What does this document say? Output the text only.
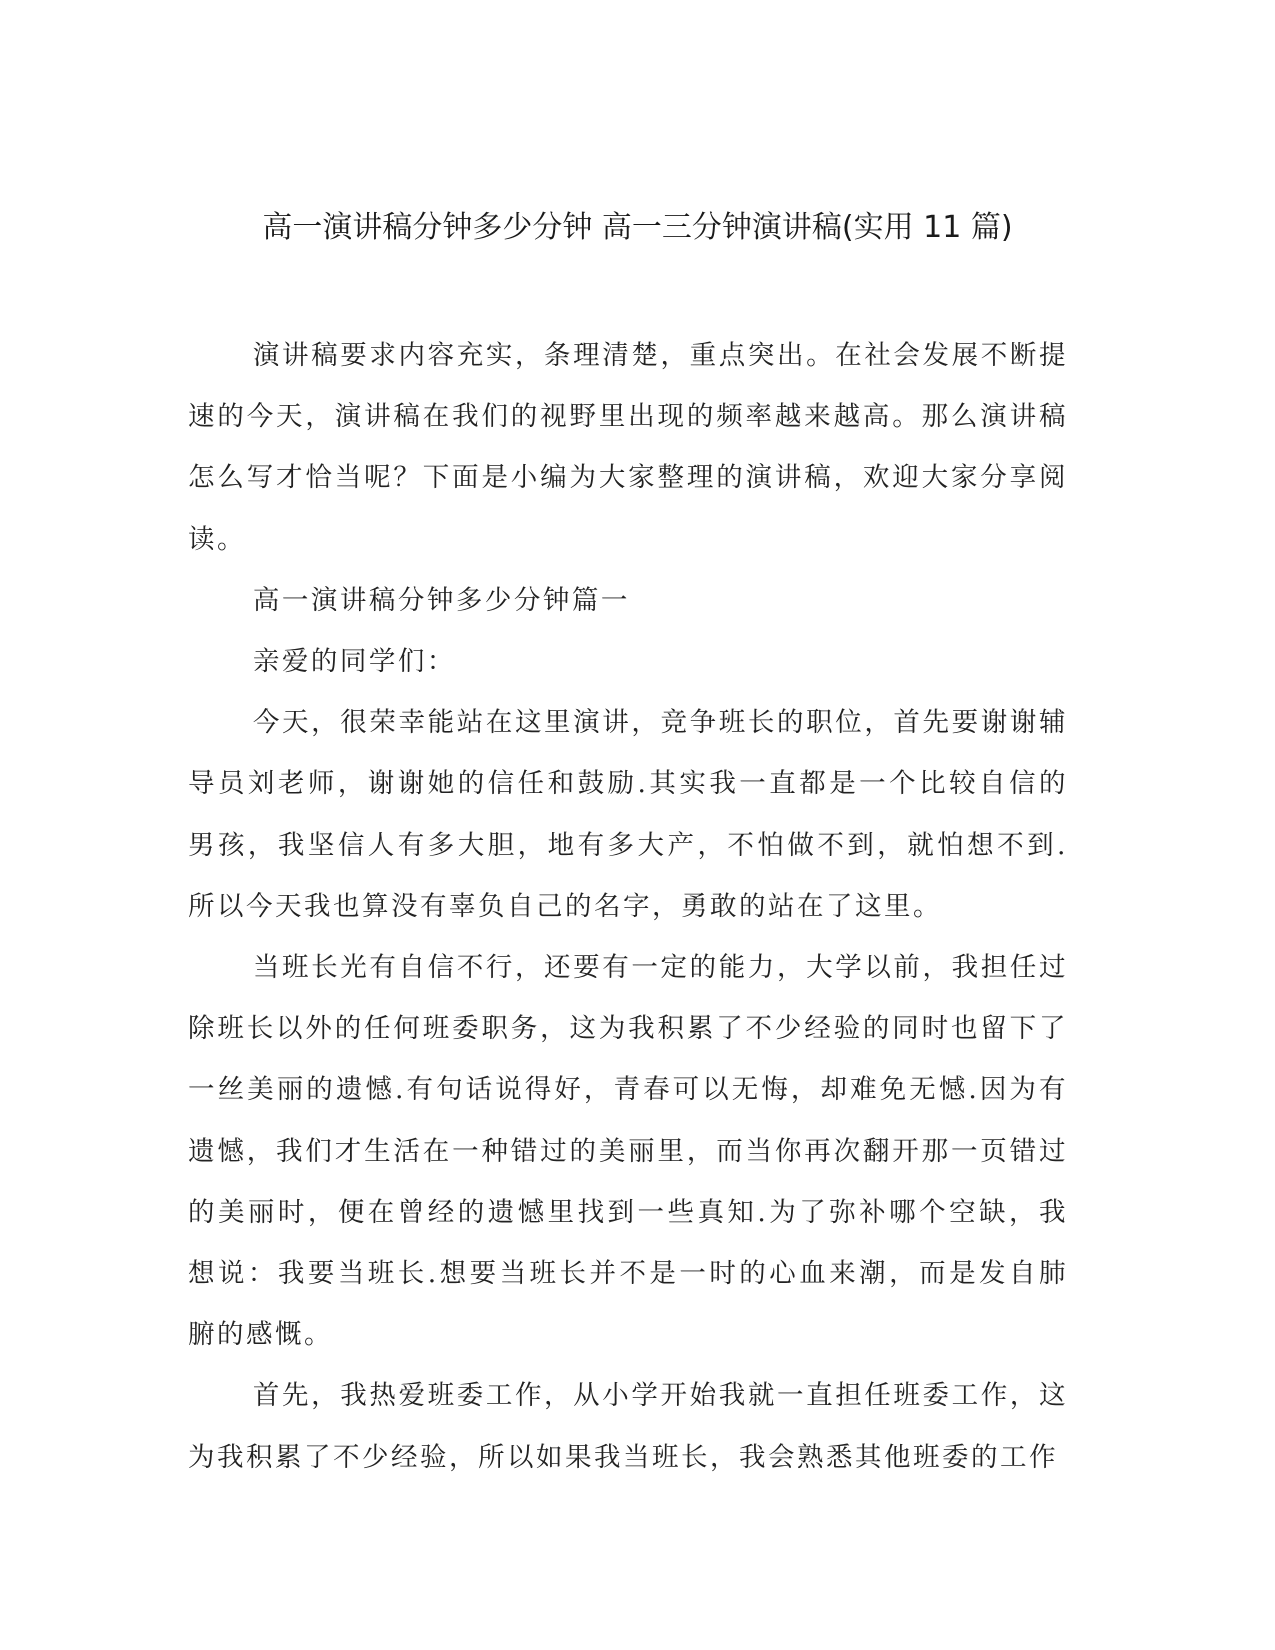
高一演讲稿分钟多少分钟 高一三分钟演讲稿(实用 11 篇)

演讲稿要求内容充实，条理清楚，重点突出。在社会发展不断提速的今天，演讲稿在我们的视野里出现的频率越来越高。那么演讲稿怎么写才恰当呢？下面是小编为大家整理的演讲稿，欢迎大家分享阅读。

高一演讲稿分钟多少分钟篇一

亲爱的同学们：

今天，很荣幸能站在这里演讲，竞争班长的职位，首先要谢谢辅导员刘老师，谢谢她的信任和鼓励.其实我一直都是一个比较自信的男孩，我坚信人有多大胆，地有多大产，不怕做不到，就怕想不到.所以今天我也算没有辜负自己的名字，勇敢的站在了这里。

当班长光有自信不行，还要有一定的能力，大学以前，我担任过除班长以外的任何班委职务，这为我积累了不少经验的同时也留下了一丝美丽的遗憾.有句话说得好，青春可以无悔，却难免无憾.因为有遗憾，我们才生活在一种错过的美丽里，而当你再次翻开那一页错过的美丽时，便在曾经的遗憾里找到一些真知.为了弥补哪个空缺，我想说：我要当班长.想要当班长并不是一时的心血来潮，而是发自肺腑的感慨。

首先，我热爱班委工作，从小学开始我就一直担任班委工作，这为我积累了不少经验，所以如果我当班长，我会熟悉其他班委的工作
